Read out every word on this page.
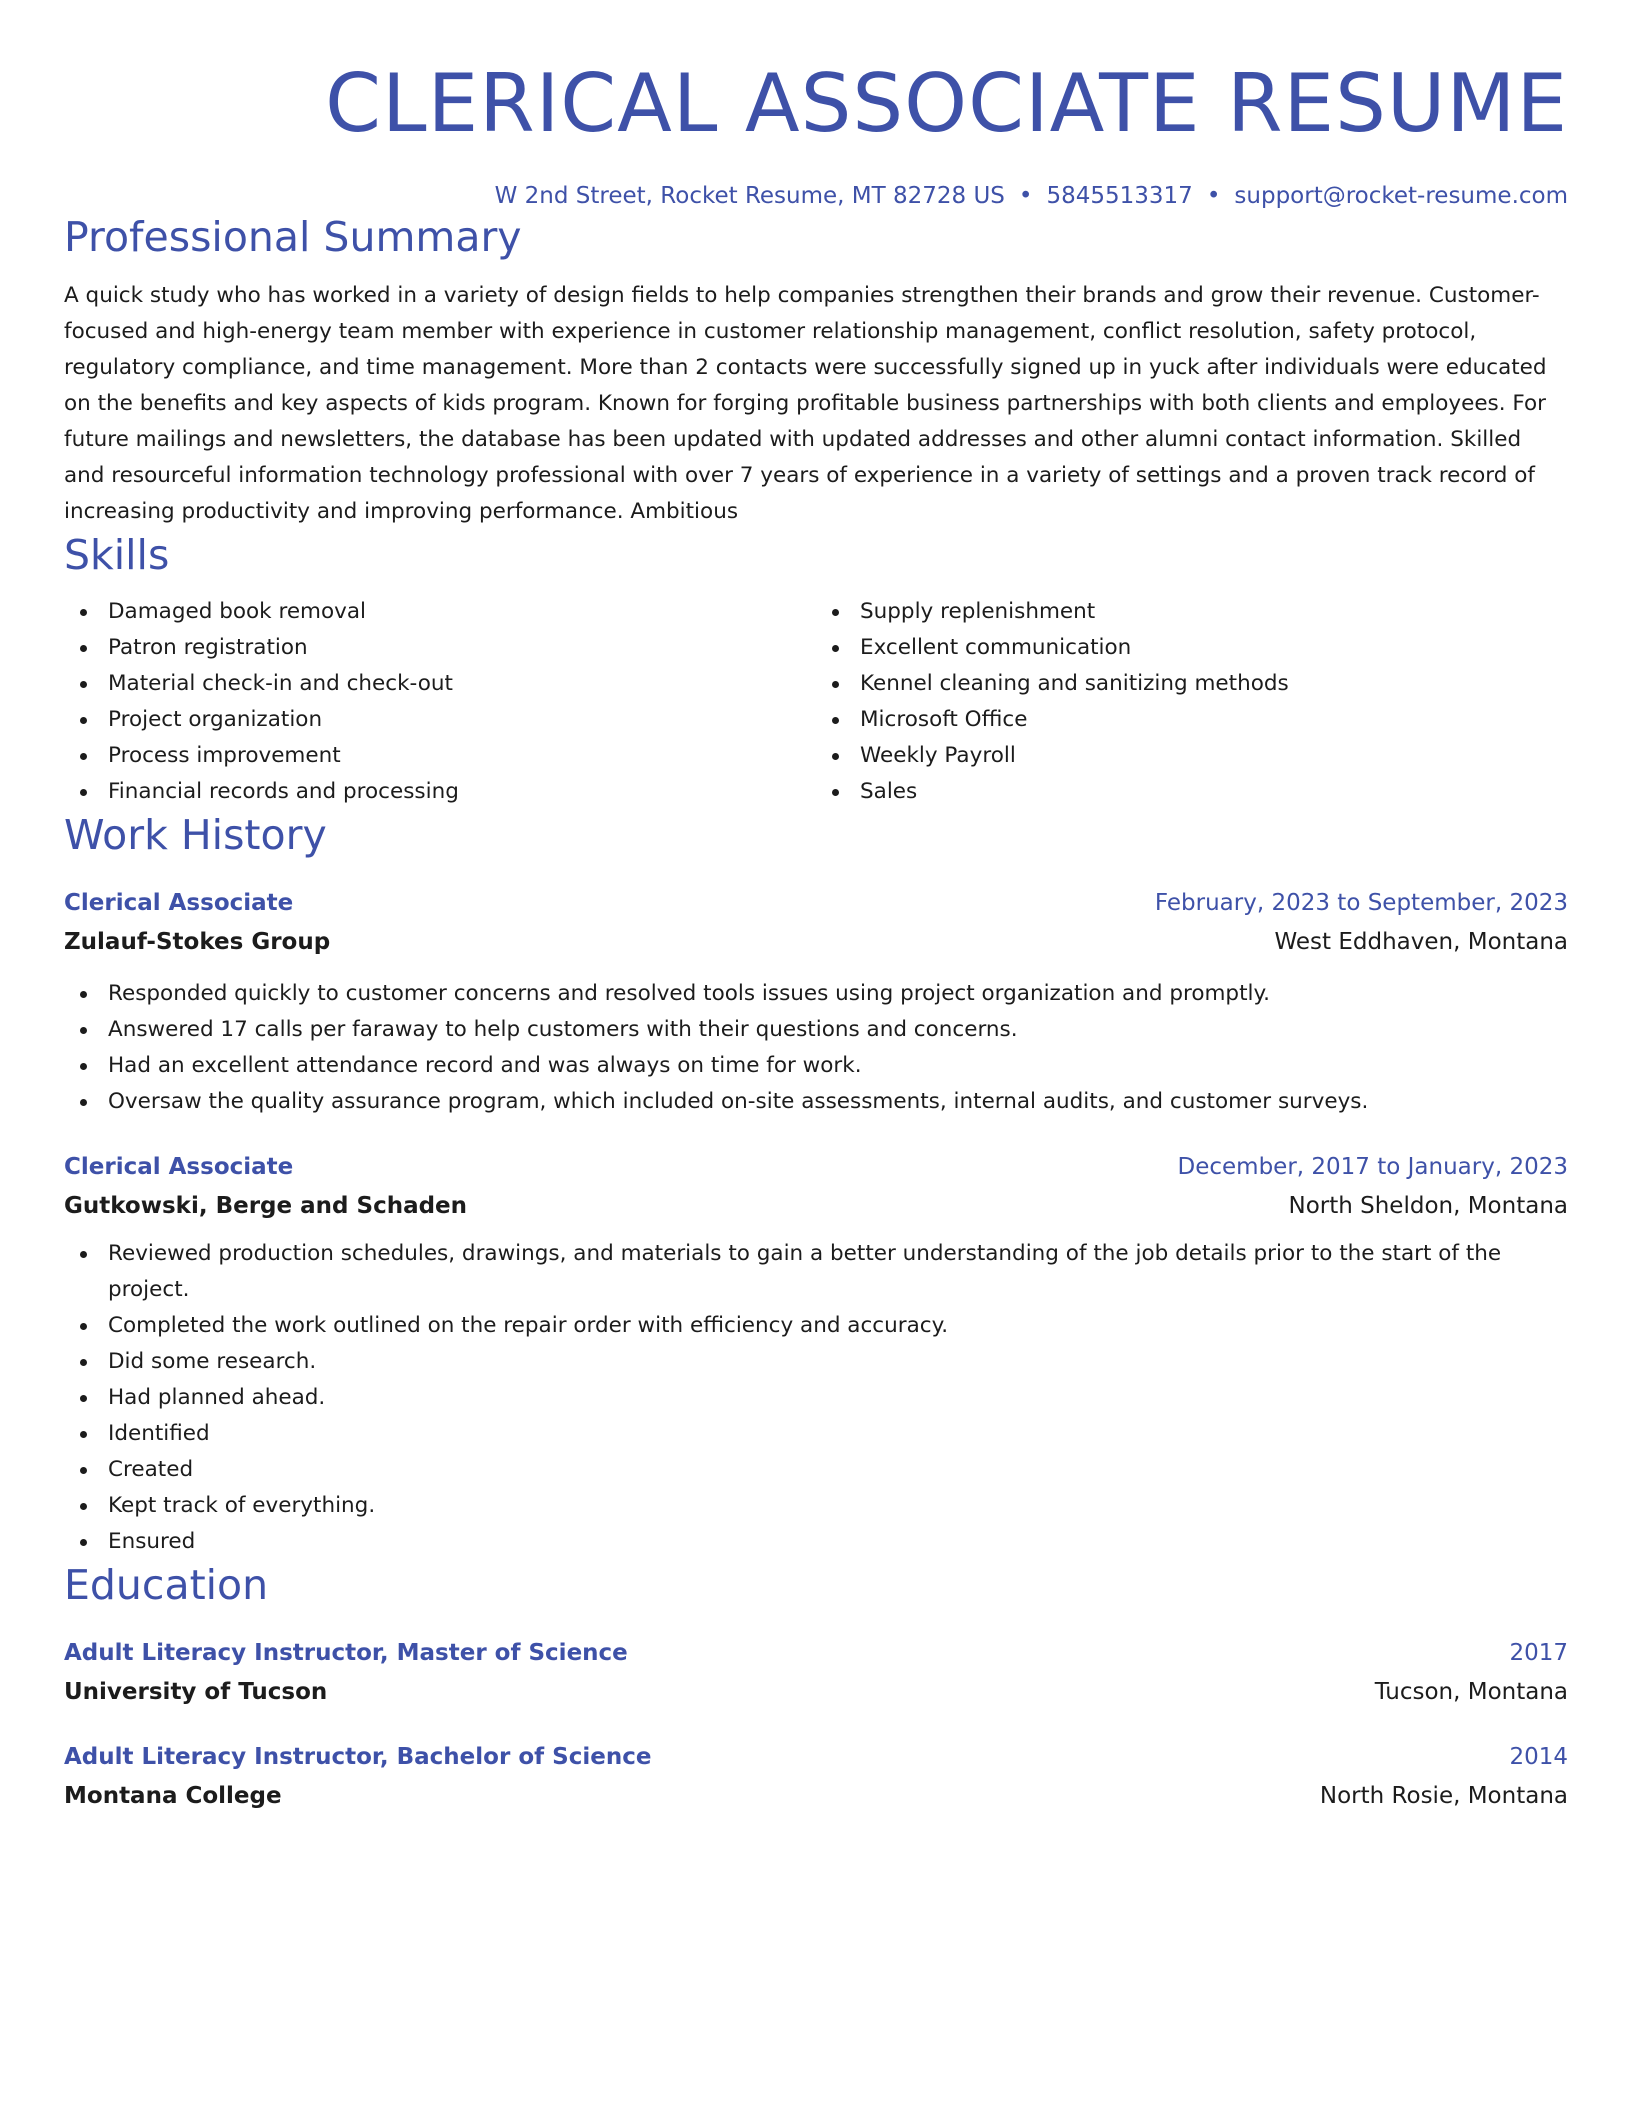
CLERICAL ASSOCIATE RESUME
W 2nd Street, Rocket Resume, MT 82728 US • 5845513317 • support@rocket-resume.com
Professional Summary

A quick study who has worked in a variety of design fields to help companies strengthen their brands and grow their revenue. Customer-focused and high-energy team member with experience in customer relationship management, conflict resolution, safety protocol, regulatory compliance, and time management. More than 2 contacts were successfully signed up in yuck after individuals were educated on the benefits and key aspects of kids program. Known for forging profitable business partnerships with both clients and employees. For future mailings and newsletters, the database has been updated with updated addresses and other alumni contact information. Skilled and resourceful information technology professional with over 7 years of experience in a variety of settings and a proven track record of increasing productivity and improving performance. Ambitious

Skills
Damaged book removal
Patron registration
Material check-in and check-out
Project organization
Process improvement
Financial records and processing
Supply replenishment
Excellent communication
Kennel cleaning and sanitizing methods
Microsoft Office
Weekly Payroll
Sales
Work History
Clerical Associate	February, 2023 to September, 2023
Zulauf-Stokes Group	West Eddhaven, Montana
Responded quickly to customer concerns and resolved tools issues using project organization and promptly.
Answered 17 calls per faraway to help customers with their questions and concerns.
Had an excellent attendance record and was always on time for work.
Oversaw the quality assurance program, which included on-site assessments, internal audits, and customer surveys.
Clerical Associate	December, 2017 to January, 2023
Gutkowski, Berge and Schaden	North Sheldon, Montana
Reviewed production schedules, drawings, and materials to gain a better understanding of the job details prior to the start of the project.
Completed the work outlined on the repair order with efficiency and accuracy.
Did some research.
Had planned ahead.
Identified
Created
Kept track of everything.
Ensured
Education
Adult Literacy Instructor, Master of Science	2017
University of Tucson	Tucson, Montana
Adult Literacy Instructor, Bachelor of Science	2014
Montana College	North Rosie, Montana
